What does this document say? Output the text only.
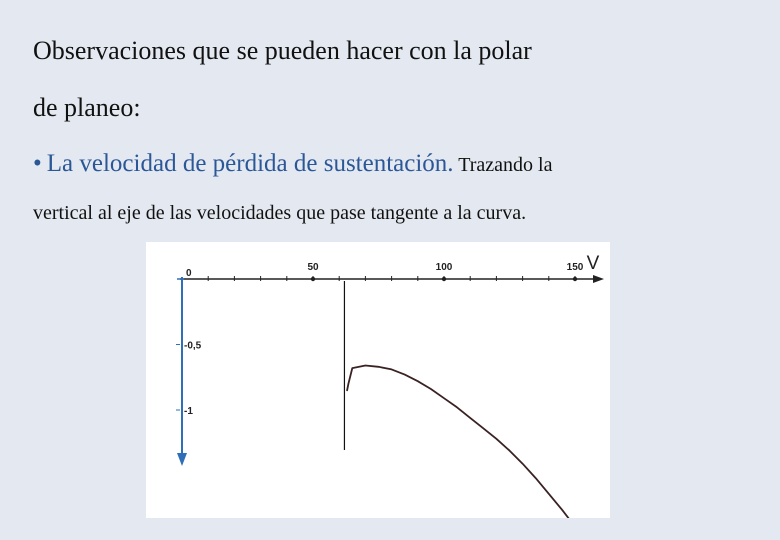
Observaciones que se pueden hacer con la polar
de planeo:
• La velocidad de pérdida de sustentación. Trazando la
vertical al eje de las velocidades que pase tangente a la curva.
50	100	150 V
0
-0,5
-1
